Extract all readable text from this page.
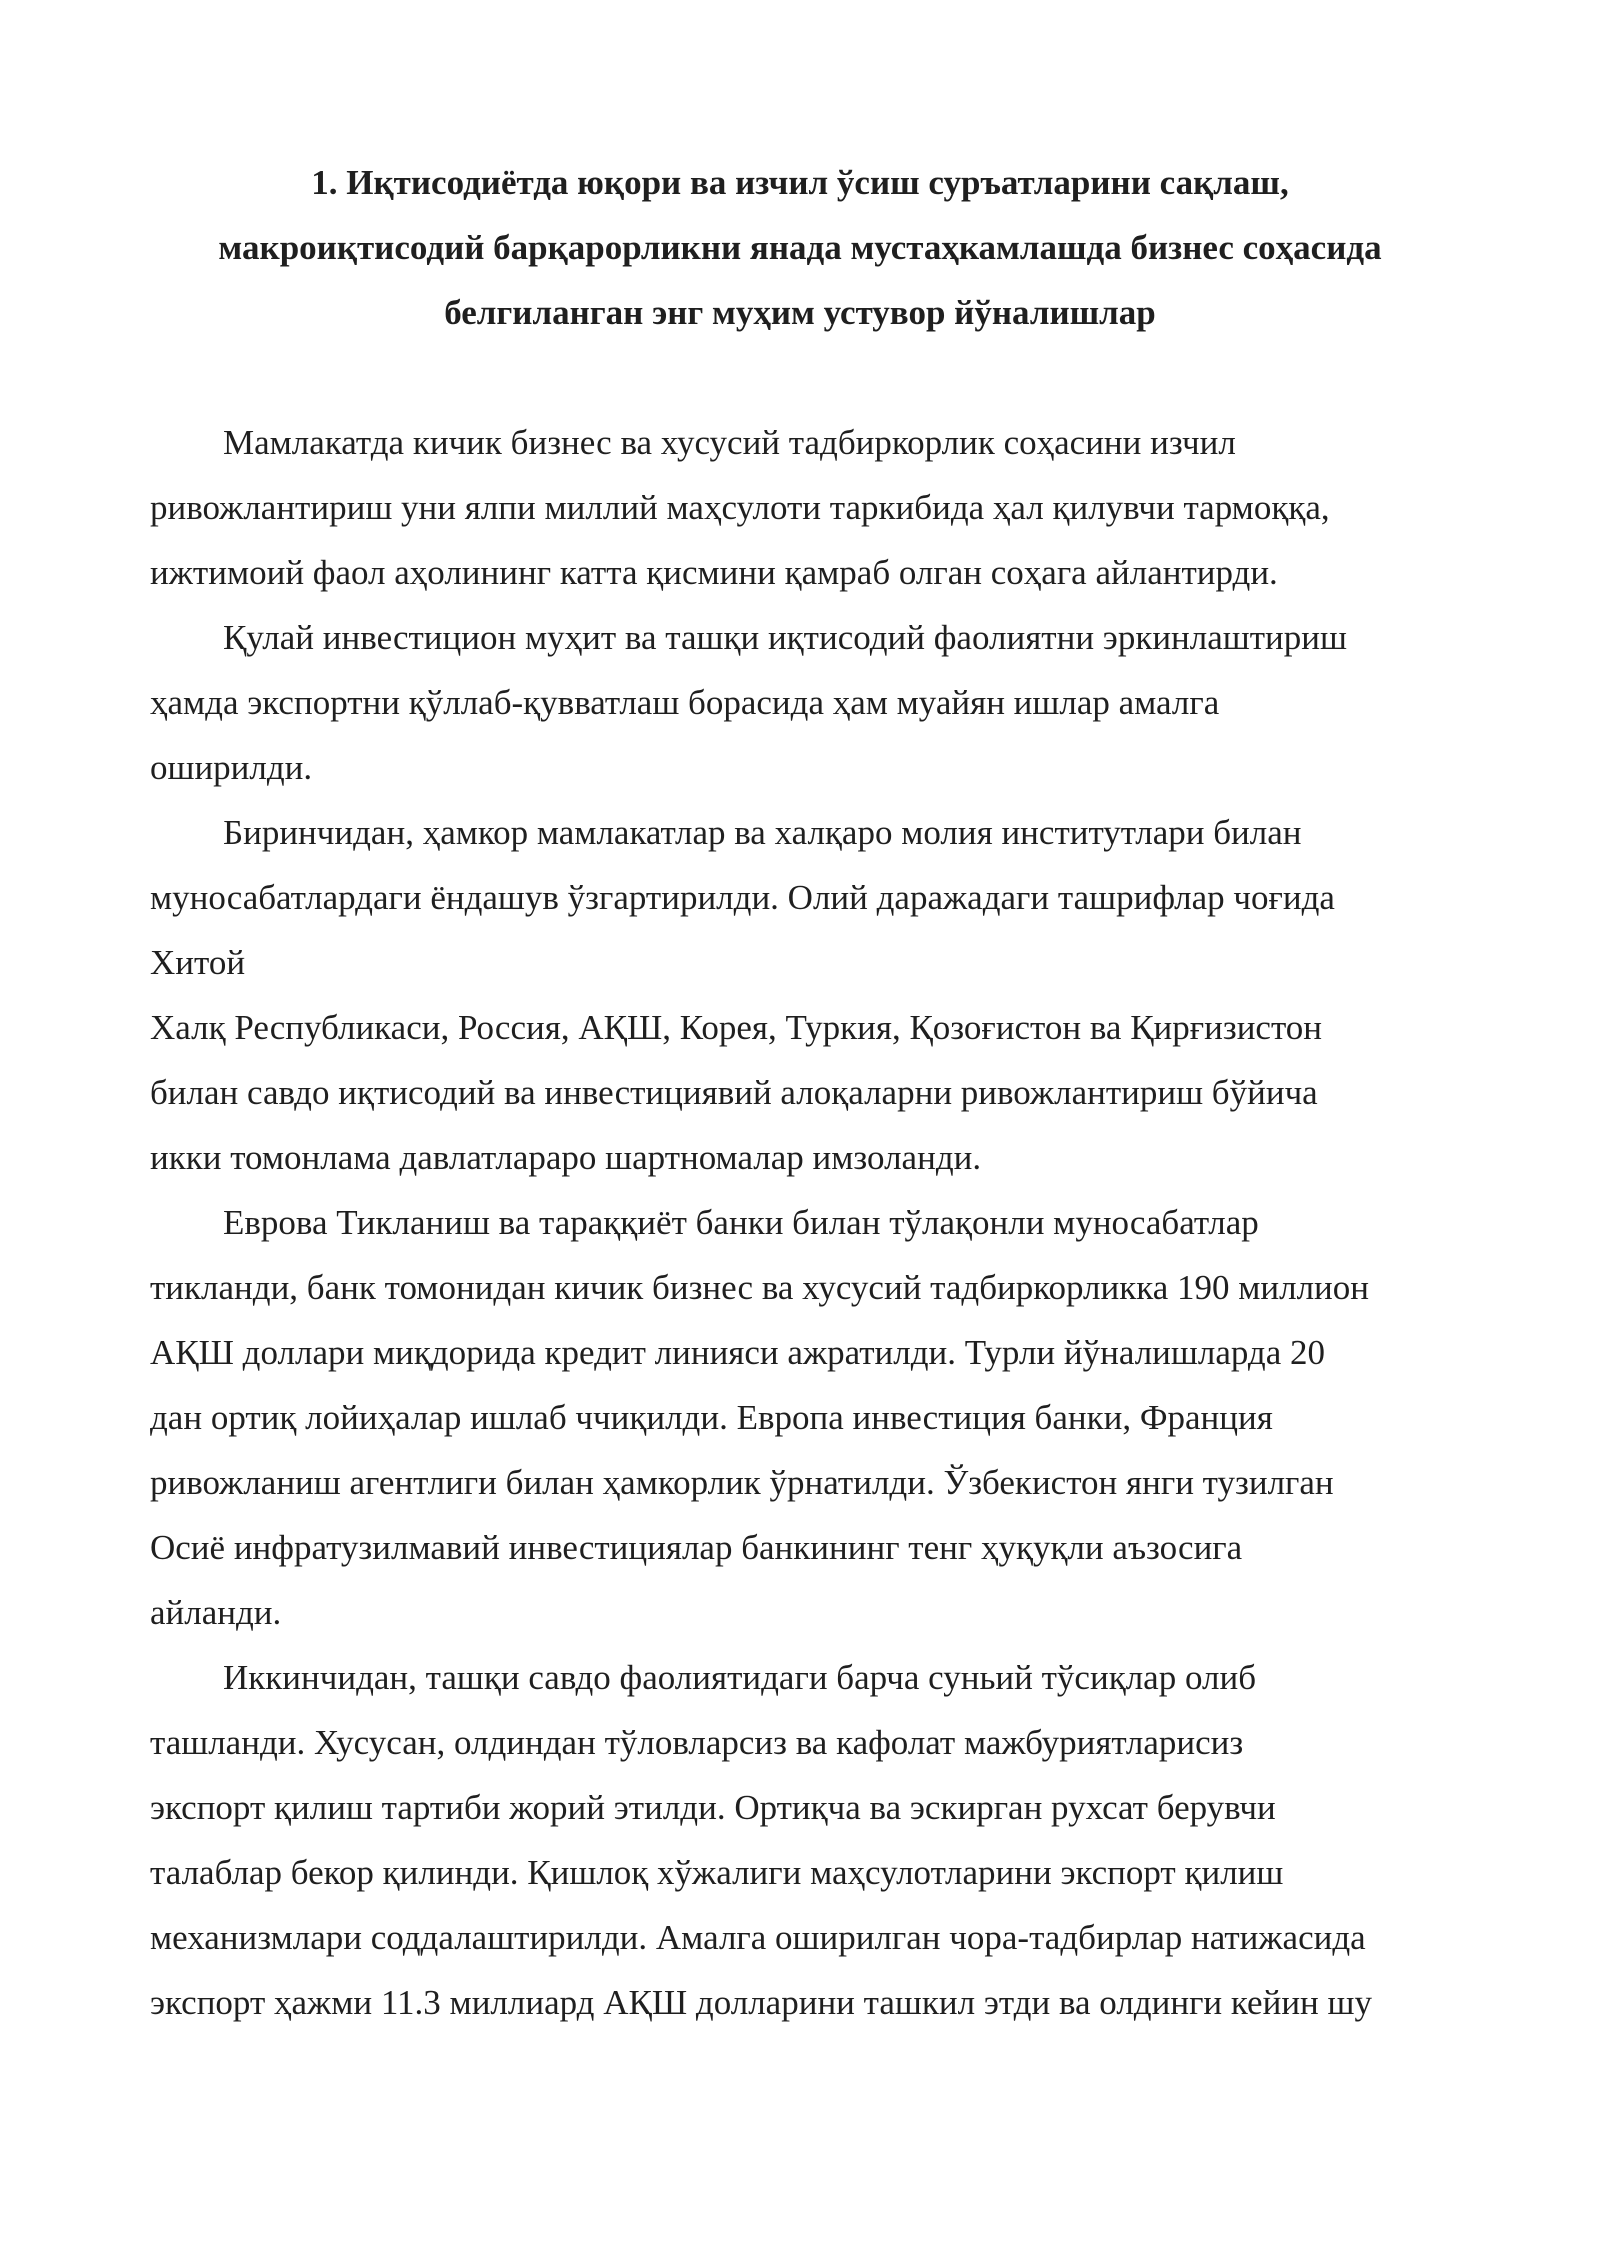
1. Иқтисодиётда юқори ва изчил ўсиш суръатларини сақлаш,
макроиқтисодий барқарорликни янада мустаҳкамлашда бизнес соҳасида
белгиланган энг муҳим устувор йўналишлар

Мамлакатда кичик бизнес ва хусусий тадбиркорлик соҳасини изчил
ривожлантириш уни ялпи миллий маҳсулоти таркибида ҳал қилувчи тармоққа,
ижтимоий фаол аҳолининг катта қисмини қамраб олган соҳага айлантирди.

Қулай инвестицион муҳит ва ташқи иқтисодий фаолиятни эркинлаштириш
ҳамда экспортни қўллаб-қувватлаш борасида ҳам муайян ишлар амалга
оширилди.

Биринчидан, ҳамкор мамлакатлар ва халқаро молия институтлари билан
муносабатлардаги ёндашув ўзгартирилди. Олий даражадаги ташрифлар чоғида
Хитой
Халқ Республикаси, Россия, АҚШ, Корея, Туркия, Қозоғистон ва Қирғизистон
билан савдо иқтисодий ва инвестициявий алоқаларни ривожлантириш бўйича
икки томонлама давлатлараро шартномалар имзоланди.

Еврова Тикланиш ва тараққиёт банки билан тўлақонли муносабатлар
тикланди, банк томонидан кичик бизнес ва хусусий тадбиркорликка 190 миллион
АҚШ доллари миқдорида кредит линияси ажратилди. Турли йўналишларда 20
дан ортиқ лойиҳалар ишлаб ччиқилди. Европа инвестиция банки, Франция
ривожланиш агентлиги билан ҳамкорлик ўрнатилди. Ўзбекистон янги тузилган
Осиё инфратузилмавий инвестициялар банкининг тенг ҳуқуқли аъзосига
айланди.

Иккинчидан, ташқи савдо фаолиятидаги барча суньий тўсиқлар олиб
ташланди. Хусусан, олдиндан тўловларсиз ва кафолат мажбуриятларисиз
экспорт қилиш тартиби жорий этилди. Ортиқча ва эскирган рухсат берувчи
талаблар бекор қилинди. Қишлоқ хўжалиги маҳсулотларини экспорт қилиш
механизмлари соддалаштирилди. Амалга оширилган чора-тадбирлар натижасида
экспорт ҳажми 11.3 миллиард АҚШ долларини ташкил этди ва олдинги кейин шу
